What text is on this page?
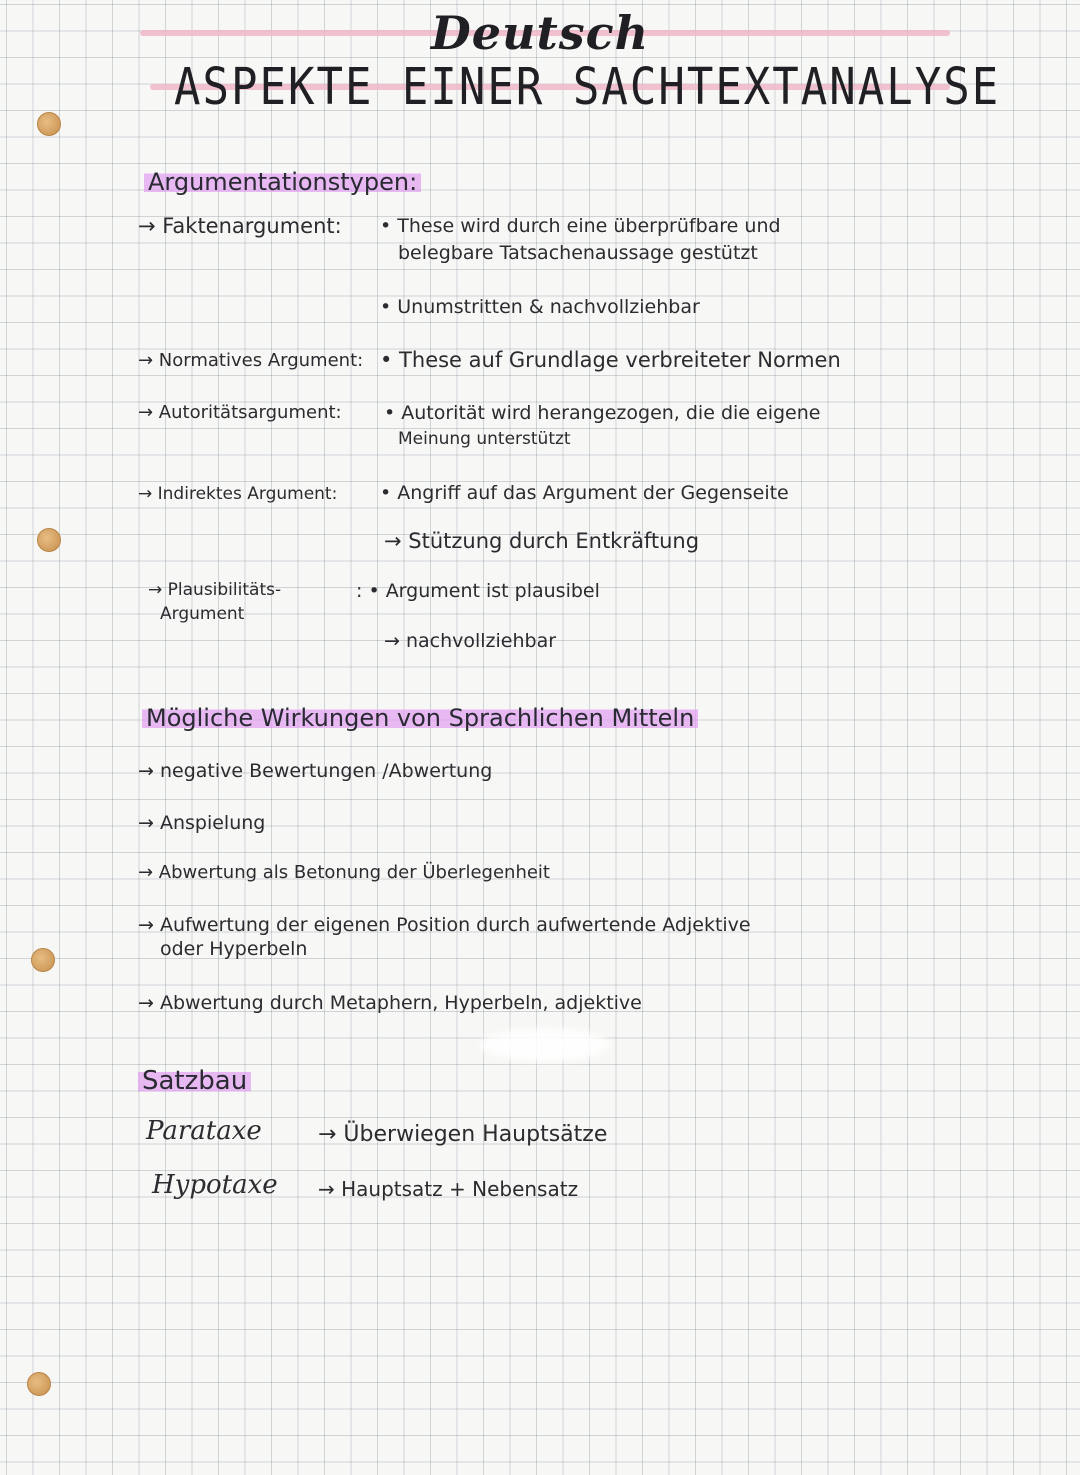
Deutsch
ASPEKTE EINER SACHTEXTANALYSE
Argumentationstypen:
→ Faktenargument: • These wird durch eine überprüfbare und
belegbare Tatsachenaussage gestützt
• Unumstritten & nachvollziehbar
→ Normatives Argument: • These auf Grundlage verbreiteter Normen
→ Autoritätsargument: • Autorität wird herangezogen, die die eigene
Meinung unterstützt
→ Indirektes Argument: • Angriff auf das Argument der Gegenseite
→ Stützung durch Entkräftung
→ Plausibilitäts-
Argument
: • Argument ist plausibel
→ nachvollziehbar
Mögliche Wirkungen von Sprachlichen Mitteln
→ negative Bewertungen /Abwertung
→ Anspielung
→ Abwertung als Betonung der Überlegenheit
→ Aufwertung der eigenen Position durch aufwertende Adjektive
oder Hyperbeln
→ Abwertung durch Metaphern, Hyperbeln, adjektive
Satzbau
Parataxe	→ Überwiegen Hauptsätze
Hypotaxe → Hauptsatz + Nebensatz
